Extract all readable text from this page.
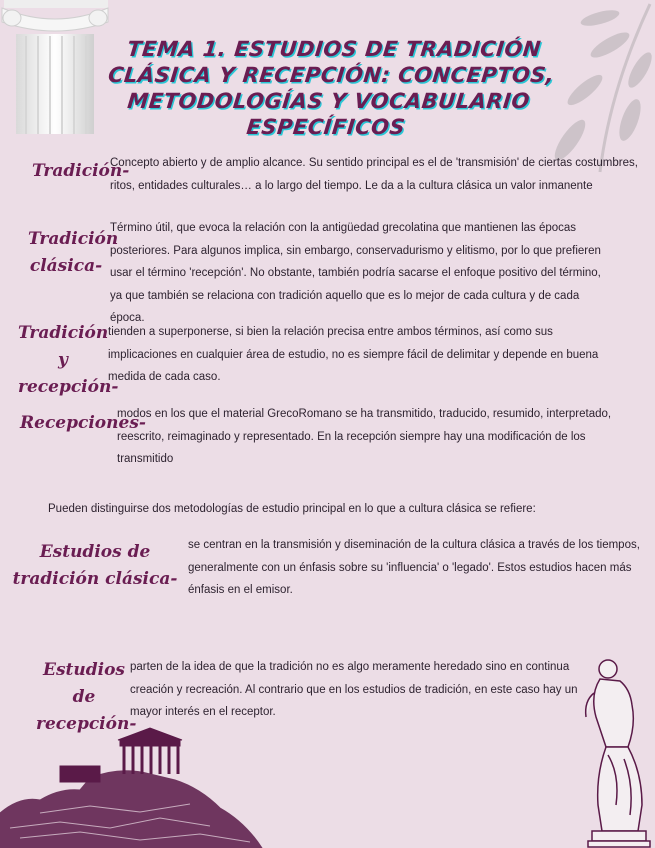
TEMA 1. ESTUDIOS DE TRADICIÓN CLÁSICA Y RECEPCIÓN: CONCEPTOS, METODOLOGÍAS Y VOCABULARIO ESPECÍFICOS

Tradición-

Concepto abierto y de amplio alcance. Su sentido principal es el de 'transmisión' de ciertas costumbres, ritos, entidades culturales… a lo largo del tiempo. Le da a la cultura clásica un valor inmanente

Tradición clásica-

Término útil, que evoca la relación con la antigüedad grecolatina que mantienen las épocas posteriores. Para algunos implica, sin embargo, conservadurismo y elitismo, por lo que prefieren usar el término 'recepción'. No obstante, también podría sacarse el enfoque positivo del término, ya que también se relaciona con tradición aquello que es lo mejor de cada cultura y de cada época.

Tradición y recepción-

tienden a superponerse, si bien la relación precisa entre ambos términos, así como sus implicaciones en cualquier área de estudio, no es siempre fácil de delimitar y depende en buena medida de cada caso.

Recepciones-

modos en los que el material GrecoRomano se ha transmitido, traducido, resumido, interpretado, reescrito, reimaginado y representado. En la recepción siempre hay una modificación de los transmitido

Pueden distinguirse dos metodologías de estudio principal en lo que a cultura clásica se refiere:

Estudios de tradición clásica-

se centran en la transmisión y diseminación de la cultura clásica a través de los tiempos, generalmente con un énfasis sobre su 'influencia' o 'legado'. Estos estudios hacen más énfasis en el emisor.

Estudios de recepción-

parten de la idea de que la tradición no es algo meramente heredado sino en continua creación y recreación. Al contrario que en los estudios de tradición, en este caso hay un mayor interés en el receptor.
